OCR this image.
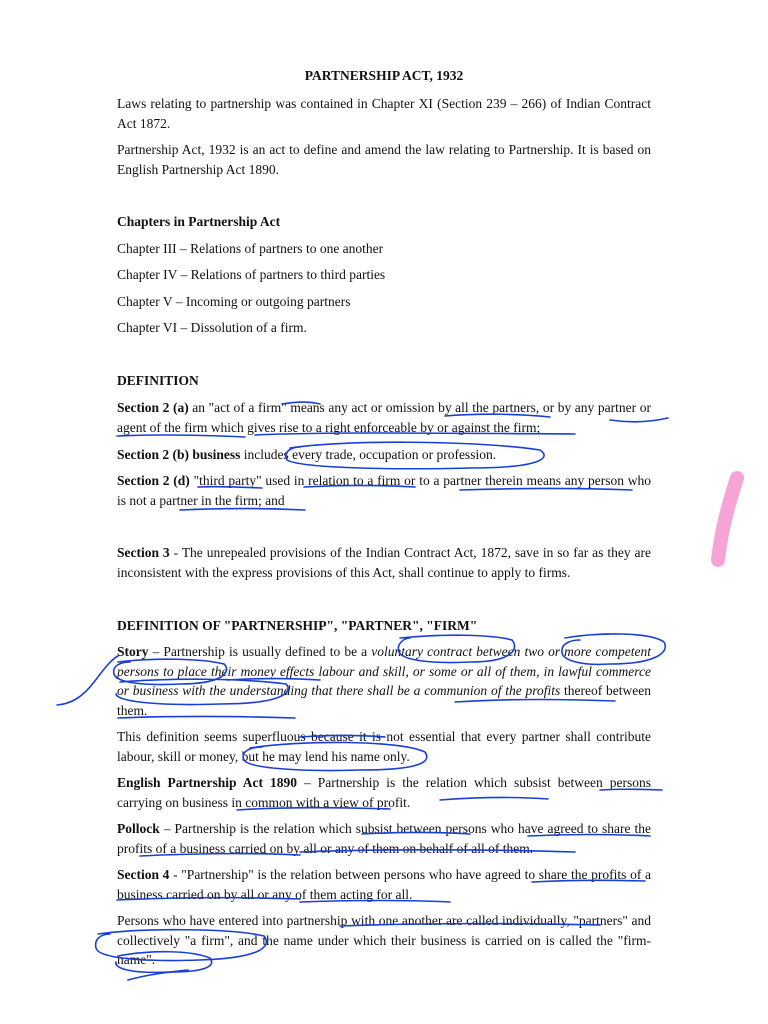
PARTNERSHIP ACT, 1932
Laws relating to partnership was contained in Chapter XI (Section 239 – 266) of Indian Contract Act 1872.
Partnership Act, 1932 is an act to define and amend the law relating to Partnership. It is based on English Partnership Act 1890.
Chapters in Partnership Act
Chapter III – Relations of partners to one another
Chapter IV – Relations of partners to third parties
Chapter V – Incoming or outgoing partners
Chapter VI – Dissolution of a firm.
DEFINITION
Section 2 (a) an "act of a firm" means any act or omission by all the partners, or by any partner or agent of the firm which gives rise to a right enforceable by or against the firm;
Section 2 (b) business includes every trade, occupation or profession.
Section 2 (d) "third party" used in relation to a firm or to a partner therein means any person who is not a partner in the firm; and
Section 3 - The unrepealed provisions of the Indian Contract Act, 1872, save in so far as they are inconsistent with the express provisions of this Act, shall continue to apply to firms.
DEFINITION OF "PARTNERSHIP", "PARTNER", "FIRM"
Story – Partnership is usually defined to be a voluntary contract between two or more competent persons to place their money effects labour and skill, or some or all of them, in lawful commerce or business with the understanding that there shall be a communion of the profits thereof between them.
This definition seems superfluous because it is not essential that every partner shall contribute labour, skill or money, but he may lend his name only.
English Partnership Act 1890 – Partnership is the relation which subsist between persons carrying on business in common with a view of profit.
Pollock – Partnership is the relation which subsist between persons who have agreed to share the profits of a business carried on by all or any of them on behalf of all of them.
Section 4 - "Partnership" is the relation between persons who have agreed to share the profits of a business carried on by all or any of them acting for all.
Persons who have entered into partnership with one another are called individually, "partners" and collectively "a firm", and the name under which their business is carried on is called the "firm-name".
